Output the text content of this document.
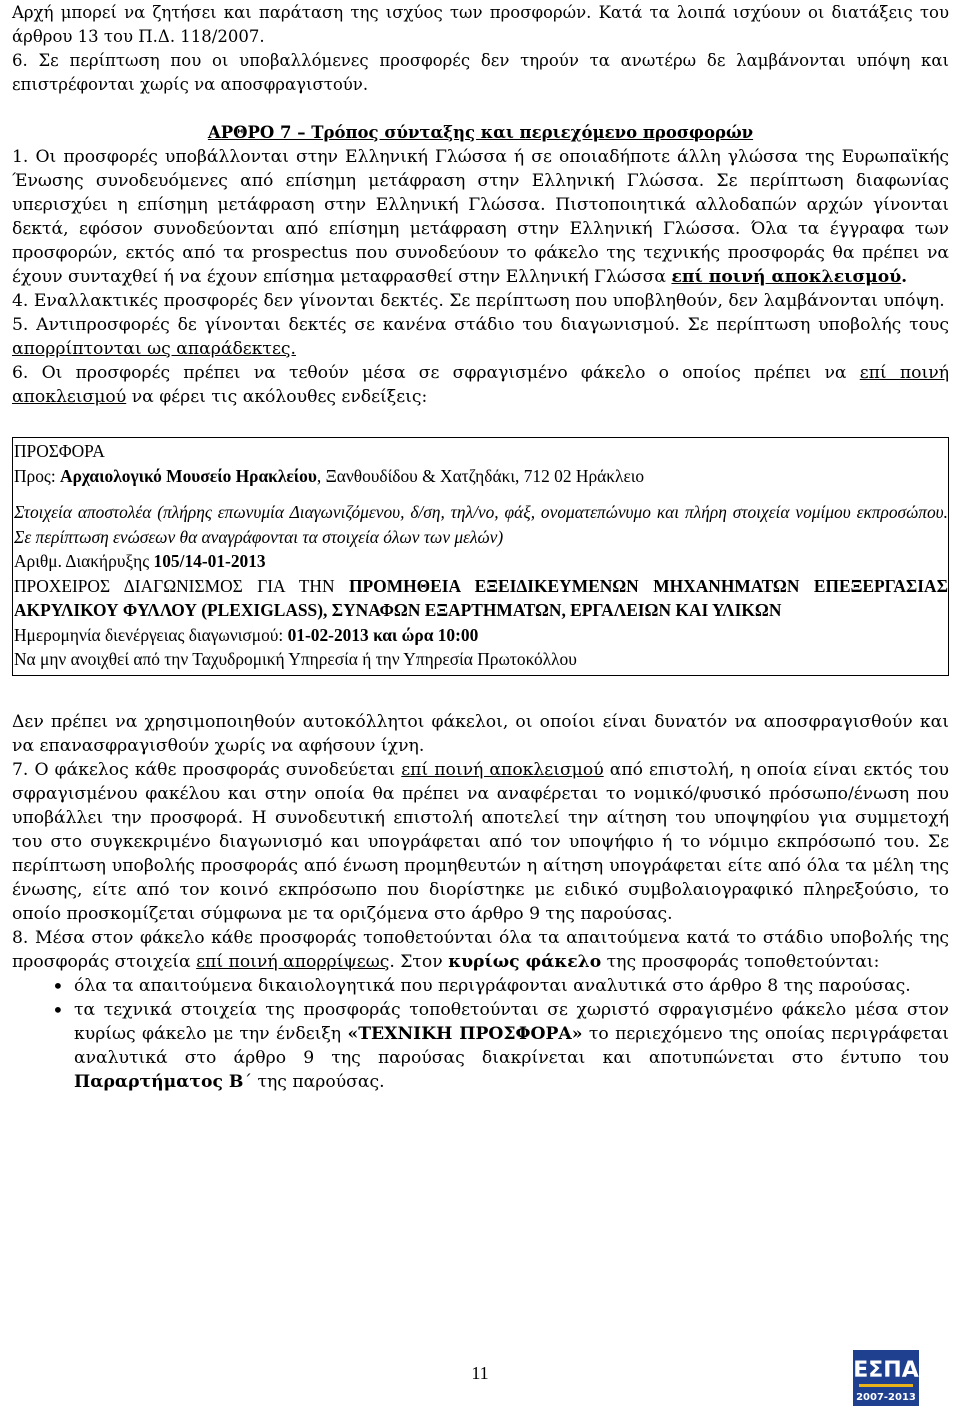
Αρχή μπορεί να ζητήσει και παράταση της ισχύος των προσφορών. Κατά τα λοιπά ισχύουν οι διατάξεις του άρθρου 13 του Π.Δ. 118/2007.

6. Σε περίπτωση που οι υποβαλλόμενες προσφορές δεν τηρούν τα ανωτέρω δε λαμβάνονται υπόψη και επιστρέφονται χωρίς να αποσφραγιστούν.

ΑΡΘΡΟ 7 – Τρόπος σύνταξης και περιεχόμενο προσφορών

1. Οι προσφορές υποβάλλονται στην Ελληνική Γλώσσα ή σε οποιαδήποτε άλλη γλώσσα της Ευρωπαϊκής Ένωσης συνοδευόμενες από επίσημη μετάφραση στην Ελληνική Γλώσσα. Σε περίπτωση διαφωνίας υπερισχύει η επίσημη μετάφραση στην Ελληνική Γλώσσα. Πιστοποιητικά αλλοδαπών αρχών γίνονται δεκτά, εφόσον συνοδεύονται από επίσημη μετάφραση στην Ελληνική Γλώσσα. Όλα τα έγγραφα των προσφορών, εκτός από τα prospectus που συνοδεύουν το φάκελο της τεχνικής προσφοράς θα πρέπει να έχουν συνταχθεί ή να έχουν επίσημα μεταφρασθεί στην Ελληνική Γλώσσα επί ποινή αποκλεισμού.

4. Εναλλακτικές προσφορές δεν γίνονται δεκτές. Σε περίπτωση που υποβληθούν, δεν λαμβάνονται υπόψη.

5. Αντιπροσφορές δε γίνονται δεκτές σε κανένα στάδιο του διαγωνισμού. Σε περίπτωση υποβολής τους απορρίπτονται ως απαράδεκτες.

6. Οι προσφορές πρέπει να τεθούν μέσα σε σφραγισμένο φάκελο ο οποίος πρέπει να επί ποινή αποκλεισμού να φέρει τις ακόλουθες ενδείξεις:

ΠΡΟΣΦΟΡΑ

Προς: Αρχαιολογικό Μουσείο Ηρακλείου, Ξανθουδίδου & Χατζηδάκι, 712 02 Ηράκλειο

Στοιχεία αποστολέα (πλήρης επωνυμία Διαγωνιζόμενου, δ/ση, τηλ/νο, φάξ, ονοματεπώνυμο και πλήρη στοιχεία νομίμου εκπροσώπου. Σε περίπτωση ενώσεων θα αναγράφονται τα στοιχεία όλων των μελών)

Αριθμ. Διακήρυξης 105/14-01-2013

ΠΡΟΧΕΙΡΟΣ ΔΙΑΓΩΝΙΣΜΟΣ ΓΙΑ ΤΗΝ ΠΡΟΜΗΘΕΙΑ ΕΞΕΙΔΙΚΕΥΜΕΝΩΝ ΜΗΧΑΝΗΜΑΤΩΝ ΕΠΕΞΕΡΓΑΣΙΑΣ ΑΚΡΥΛΙΚΟΥ ΦΥΛΛΟΥ (PLEXIGLASS), ΣΥΝΑΦΩΝ ΕΞΑΡΤΗΜΑΤΩΝ, ΕΡΓΑΛΕΙΩΝ ΚΑΙ ΥΛΙΚΩΝ

Ημερομηνία διενέργειας διαγωνισμού: 01-02-2013 και ώρα 10:00

Να μην ανοιχθεί από την Ταχυδρομική Υπηρεσία ή την Υπηρεσία Πρωτοκόλλου

Δεν πρέπει να χρησιμοποιηθούν αυτοκόλλητοι φάκελοι, οι οποίοι είναι δυνατόν να αποσφραγισθούν και να επανασφραγισθούν χωρίς να αφήσουν ίχνη.

7. Ο φάκελος κάθε προσφοράς συνοδεύεται επί ποινή αποκλεισμού από επιστολή, η οποία είναι εκτός του σφραγισμένου φακέλου και στην οποία θα πρέπει να αναφέρεται το νομικό/φυσικό πρόσωπο/ένωση που υποβάλλει την προσφορά. Η συνοδευτική επιστολή αποτελεί την αίτηση του υποψηφίου για συμμετοχή του στο συγκεκριμένο διαγωνισμό και υπογράφεται από τον υποψήφιο ή το νόμιμο εκπρόσωπό του. Σε περίπτωση υποβολής προσφοράς από ένωση προμηθευτών η αίτηση υπογράφεται είτε από όλα τα μέλη της ένωσης, είτε από τον κοινό εκπρόσωπο που διορίστηκε με ειδικό συμβολαιογραφικό πληρεξούσιο, το οποίο προσκομίζεται σύμφωνα με τα οριζόμενα στο άρθρο 9 της παρούσας.

8. Μέσα στον φάκελο κάθε προσφοράς τοποθετούνται όλα τα απαιτούμενα κατά το στάδιο υποβολής της προσφοράς στοιχεία επί ποινή απορρίψεως. Στον κυρίως φάκελο της προσφοράς τοποθετούνται:

• όλα τα απαιτούμενα δικαιολογητικά που περιγράφονται αναλυτικά στο άρθρο 8 της παρούσας.
• τα τεχνικά στοιχεία της προσφοράς τοποθετούνται σε χωριστό σφραγισμένο φάκελο μέσα στον κυρίως φάκελο με την ένδειξη «ΤΕΧΝΙΚΗ ΠΡΟΣΦΟΡΑ» το περιεχόμενο της οποίας περιγράφεται αναλυτικά στο άρθρο 9 της παρούσας διακρίνεται και αποτυπώνεται στο έντυπο του Παραρτήματος Β΄ της παρούσας.
11	ΕΣΠΑ
2007-2013
